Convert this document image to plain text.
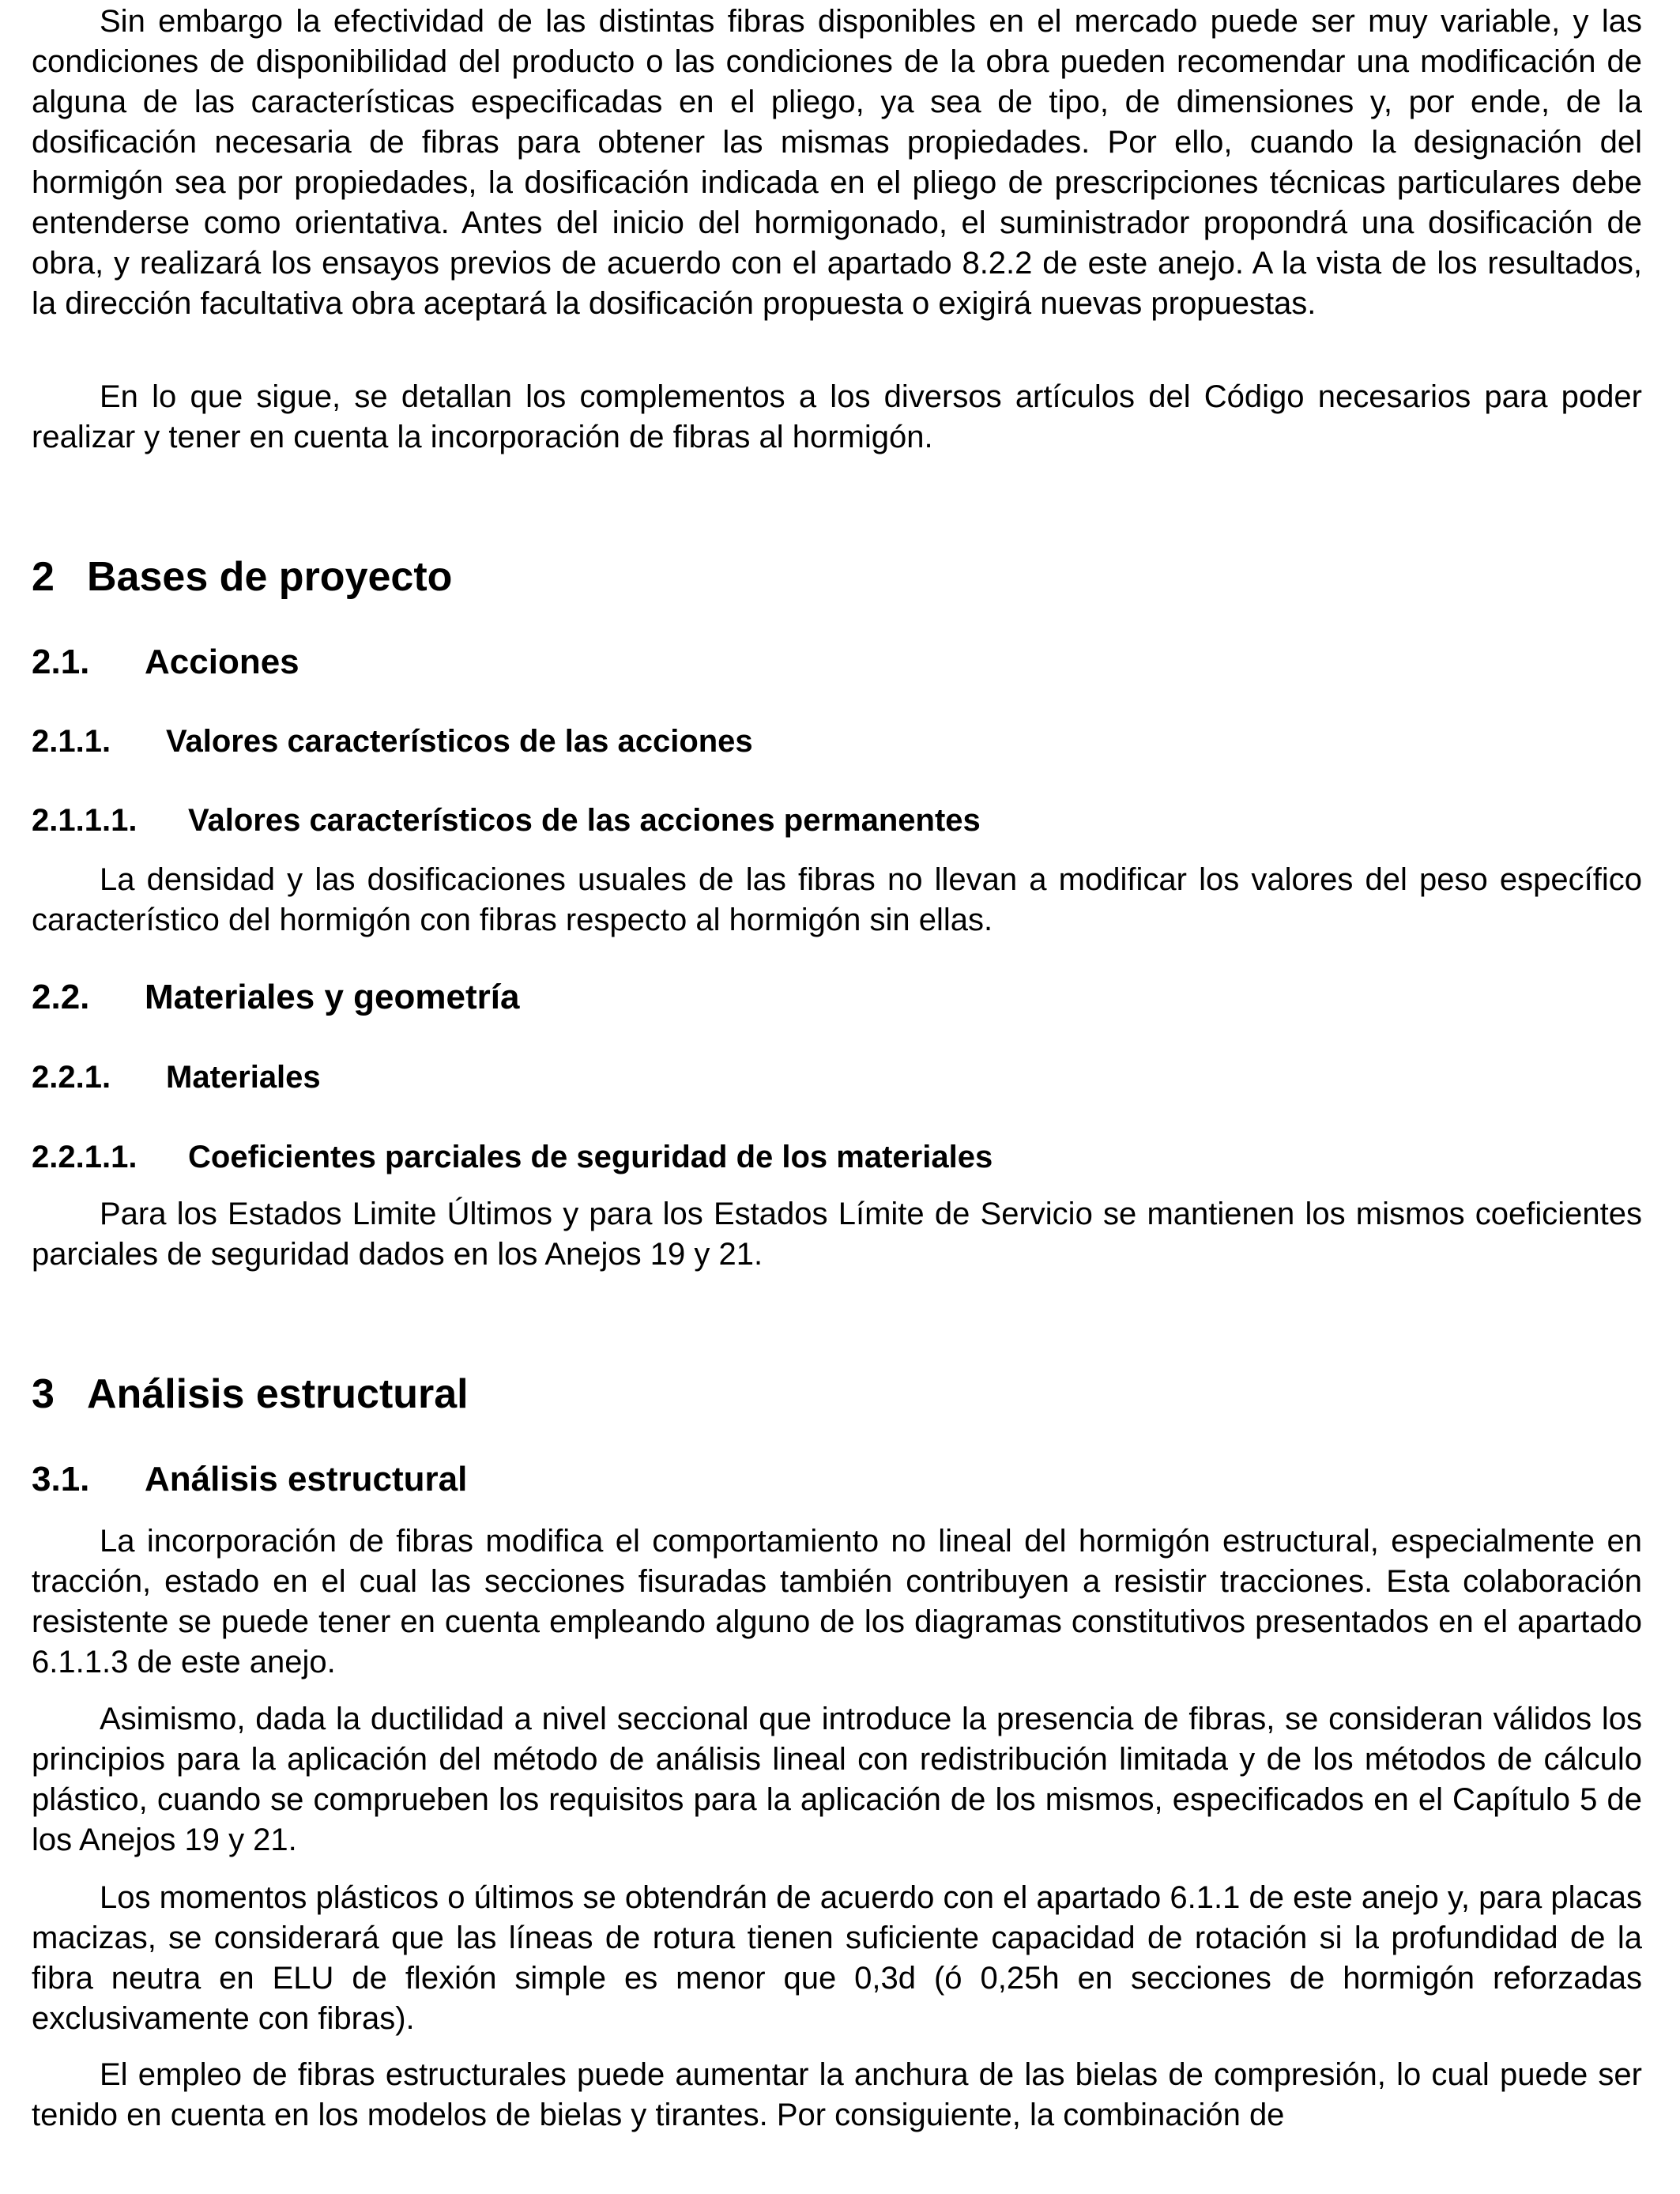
Sin embargo la efectividad de las distintas fibras disponibles en el mercado puede ser muy variable, y las condiciones de disponibilidad del producto o las condiciones de la obra pueden recomendar una modificación de alguna de las características especificadas en el pliego, ya sea de tipo, de dimensiones y, por ende, de la dosificación necesaria de fibras para obtener las mismas propiedades. Por ello, cuando la designación del hormigón sea por propiedades, la dosificación indicada en el pliego de prescripciones técnicas particulares debe entenderse como orientativa. Antes del inicio del hormigonado, el suministrador propondrá una dosificación de obra, y realizará los ensayos previos de acuerdo con el apartado 8.2.2 de este anejo. A la vista de los resultados, la dirección facultativa obra aceptará la dosificación propuesta o exigirá nuevas propuestas.

En lo que sigue, se detallan los complementos a los diversos artículos del Código necesarios para poder realizar y tener en cuenta la incorporación de fibras al hormigón.

2 Bases de proyecto
2.1. Acciones
2.1.1. Valores característicos de las acciones
2.1.1.1. Valores característicos de las acciones permanentes

La densidad y las dosificaciones usuales de las fibras no llevan a modificar los valores del peso específico característico del hormigón con fibras respecto al hormigón sin ellas.

2.2. Materiales y geometría
2.2.1. Materiales
2.2.1.1. Coeficientes parciales de seguridad de los materiales

Para los Estados Limite Últimos y para los Estados Límite de Servicio se mantienen los mismos coeficientes parciales de seguridad dados en los Anejos 19 y 21.

3 Análisis estructural
3.1. Análisis estructural

La incorporación de fibras modifica el comportamiento no lineal del hormigón estructural, especialmente en tracción, estado en el cual las secciones fisuradas también contribuyen a resistir tracciones. Esta colaboración resistente se puede tener en cuenta empleando alguno de los diagramas constitutivos presentados en el apartado 6.1.1.3 de este anejo.

Asimismo, dada la ductilidad a nivel seccional que introduce la presencia de fibras, se consideran válidos los principios para la aplicación del método de análisis lineal con redistribución limitada y de los métodos de cálculo plástico, cuando se comprueben los requisitos para la aplicación de los mismos, especificados en el Capítulo 5 de los Anejos 19 y 21.

Los momentos plásticos o últimos se obtendrán de acuerdo con el apartado 6.1.1 de este anejo y, para placas macizas, se considerará que las líneas de rotura tienen suficiente capacidad de rotación si la profundidad de la fibra neutra en ELU de flexión simple es menor que 0,3d (ó 0,25h en secciones de hormigón reforzadas exclusivamente con fibras).

El empleo de fibras estructurales puede aumentar la anchura de las bielas de compresión, lo cual puede ser tenido en cuenta en los modelos de bielas y tirantes. Por consiguiente, la combinación de
